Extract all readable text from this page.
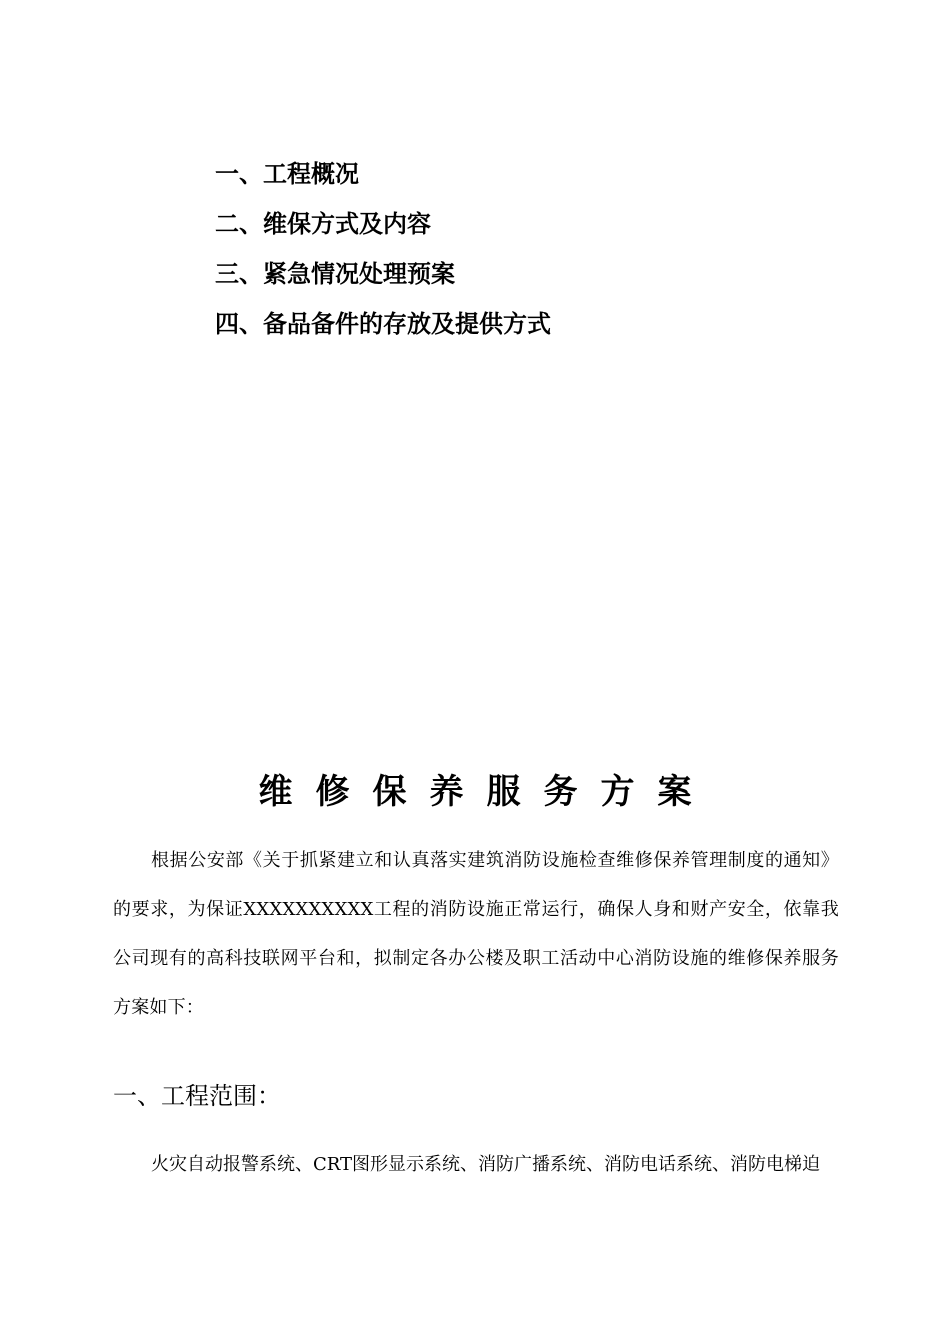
一、工程概况
二、维保方式及内容
三、紧急情况处理预案
四、备品备件的存放及提供方式
维修保养服务方案

根据公安部《关于抓紧建立和认真落实建筑消防设施检查维修保养管理制度的通知》的要求，为保证XXXXXXXXXX工程的消防设施正常运行，确保人身和财产安全，依靠我公司现有的高科技联网平台和，拟制定各办公楼及职工活动中心消防设施的维修保养服务方案如下：

一、工程范围：

火灾自动报警系统、CRT图形显示系统、消防广播系统、消防电话系统、消防电梯迫
